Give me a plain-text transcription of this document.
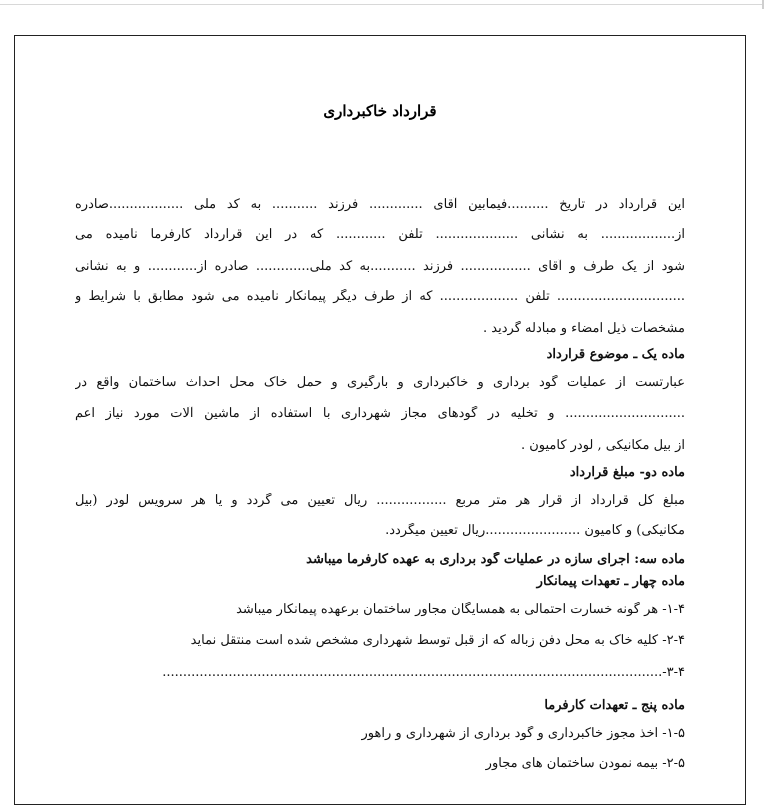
قرارداد خاکبرداری
این قرارداد در تاریخ ..........فیمابین آقای ............. فرزند ........... به کد ملی ..................صادره
از.................. به نشانی .................... تلفن ............ که در این قرارداد کارفرما نامیده می
شود از یک طرف و آقای ................. فرزند ...........به کد ملی............. صادره از............ و به نشانی
............................... تلفن ................... که از طرف دیگر پیمانکار نامیده می شود مطابق با شرایط و
مشخصات ذیل امضاء و مبادله گردید .
ماده یک ـ موضوع قرارداد
عبارتست از عملیات گود برداری و خاکبرداری و بارگیری و حمل خاک محل احداث ساختمان واقع در
............................. و تخلیه در گودهای مجاز شهرداری با استفاده از ماشین آلات مورد نیاز اعم
از بیل مکانیکی , لودر کامیون .
ماده دو- مبلغ قرارداد
مبلغ کل قرارداد از قرار هر متر مربع ................. ریال تعیین می گردد و یا هر سرویس لودر (بیل
مکانیکی) و کامیون .......................ریال تعیین میگردد.
ماده سه: اجرای سازه در عملیات گود برداری به عهده کارفرما میباشد
ماده چهار ـ تعهدات پیمانکار
۱-۴- هر گونه خسارت احتمالی به همسایگان مجاور ساختمان برعهده پیمانکار میباشد
۲-۴- کلیه خاک به محل دفن زباله که از قبل توسط شهرداری مشخص شده است منتقل نماید
۳-۴-.........................................................................................................................
ماده پنج ـ تعهدات کارفرما
۱-۵- اخذ مجوز خاکبرداری و گود برداری از شهرداری و راهور
۲-۵- بیمه نمودن ساختمان های مجاور
